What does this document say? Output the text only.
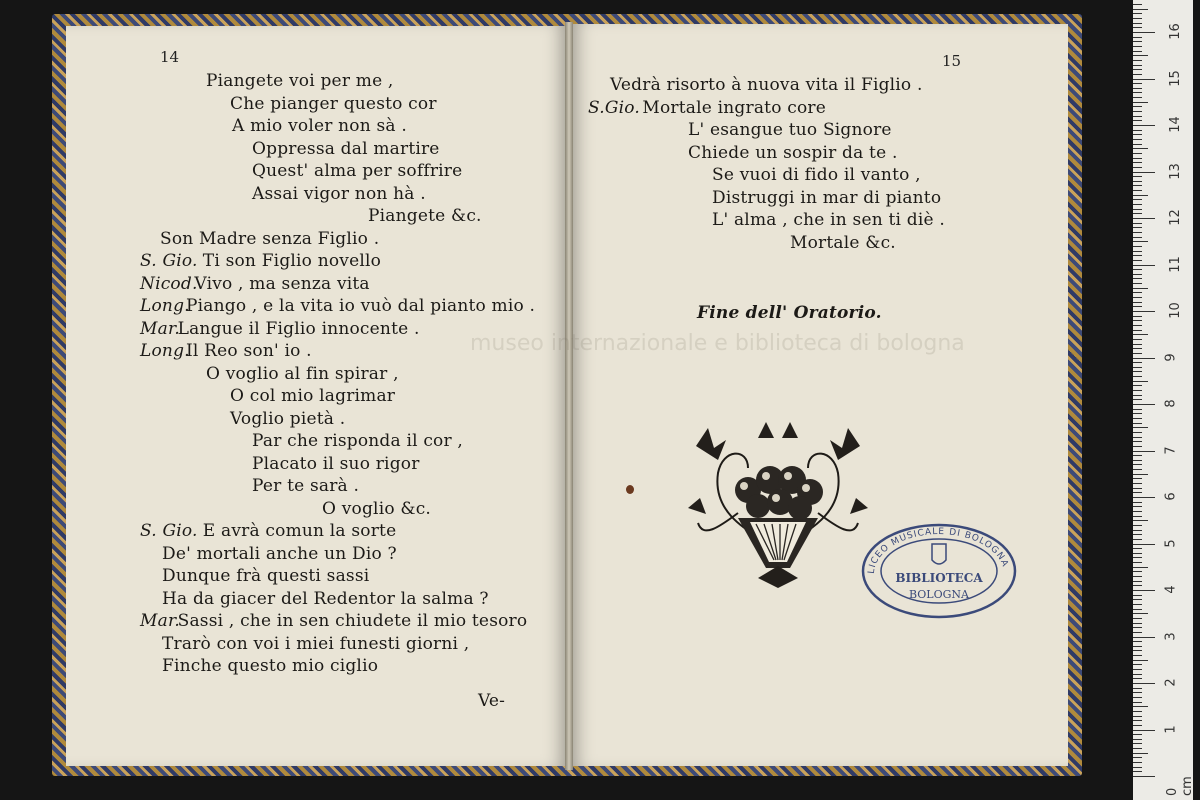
museo internazionale e biblioteca di bologna
14	15
Piangete voi per me ,
Che pianger questo cor
A mio voler non sà .
Oppressa dal martire
Quest' alma per soffrire
Assai vigor non hà .
Piangete &c.
Son Madre senza Figlio .
S. Gio. Ti son Figlio novello
Nicod.
Vivo , ma senza vita
Long.
Piango , e la vita io vuò dal pianto mio .
Mar.
Langue il Figlio innocente .
Long.
Il Reo son' io .
O voglio al fin spirar ,
O col mio lagrimar
Voglio pietà .
Par che risponda il cor ,
Placato il suo rigor
Per te sarà .
O voglio &c.
S. Gio. E avrà comun la sorte
De' mortali anche un Dio ?
Dunque frà questi sassi
Ha da giacer del Redentor la salma ?
Mar.
Sassi , che in sen chiudete il mio tesoro
Trarò con voi i miei funesti giorni ,
Finche questo mio ciglio
Ve-
Vedrà risorto à nuova vita il Figlio .
S.Gio. Mortale ingrato core
L' esangue tuo Signore
Chiede un sospir da te .
Se vuoi di fido il vanto ,
Distruggi in mar di pianto
L' alma , che in sen ti diè .
Mortale &c.
Fine dell' Oratorio.
LICEO MUSICALE DI BOLOGNA
BIBLIOTECA
BOLOGNA
0 cm
1
2
3
4
5
6
7
8
9
10
11
12
13
14
15
16
